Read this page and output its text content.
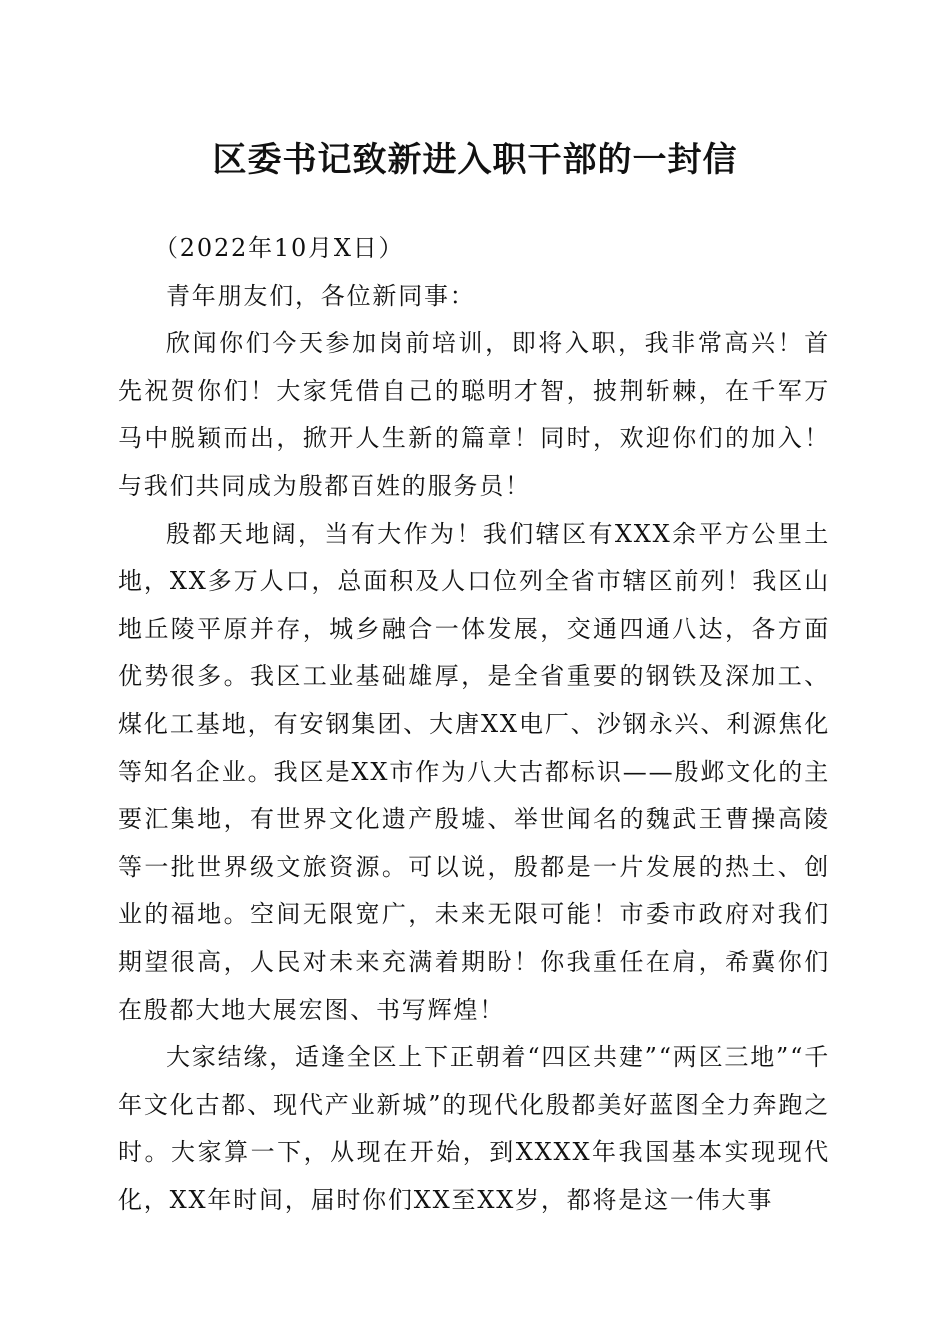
区委书记致新进入职干部的一封信

（2022年10月X日）

青年朋友们，各位新同事：

欣闻你们今天参加岗前培训，即将入职，我非常高兴！首先祝贺你们！大家凭借自己的聪明才智，披荆斩棘，在千军万马中脱颖而出，掀开人生新的篇章！同时，欢迎你们的加入！与我们共同成为殷都百姓的服务员！

殷都天地阔，当有大作为！我们辖区有XXX余平方公里土地，XX多万人口，总面积及人口位列全省市辖区前列！我区山地丘陵平原并存，城乡融合一体发展，交通四通八达，各方面优势很多。我区工业基础雄厚，是全省重要的钢铁及深加工、煤化工基地，有安钢集团、大唐XX电厂、沙钢永兴、利源焦化等知名企业。我区是XX市作为八大古都标识——殷邺文化的主要汇集地，有世界文化遗产殷墟、举世闻名的魏武王曹操高陵等一批世界级文旅资源。可以说，殷都是一片发展的热土、创业的福地。空间无限宽广，未来无限可能！市委市政府对我们期望很高，人民对未来充满着期盼！你我重任在肩，希冀你们在殷都大地大展宏图、书写辉煌！

大家结缘，适逢全区上下正朝着“四区共建”“两区三地”“千年文化古都、现代产业新城”的现代化殷都美好蓝图全力奔跑之时。大家算一下，从现在开始，到XXXX年我国基本实现现代化，XX年时间，届时你们XX至XX岁，都将是这一伟大事
